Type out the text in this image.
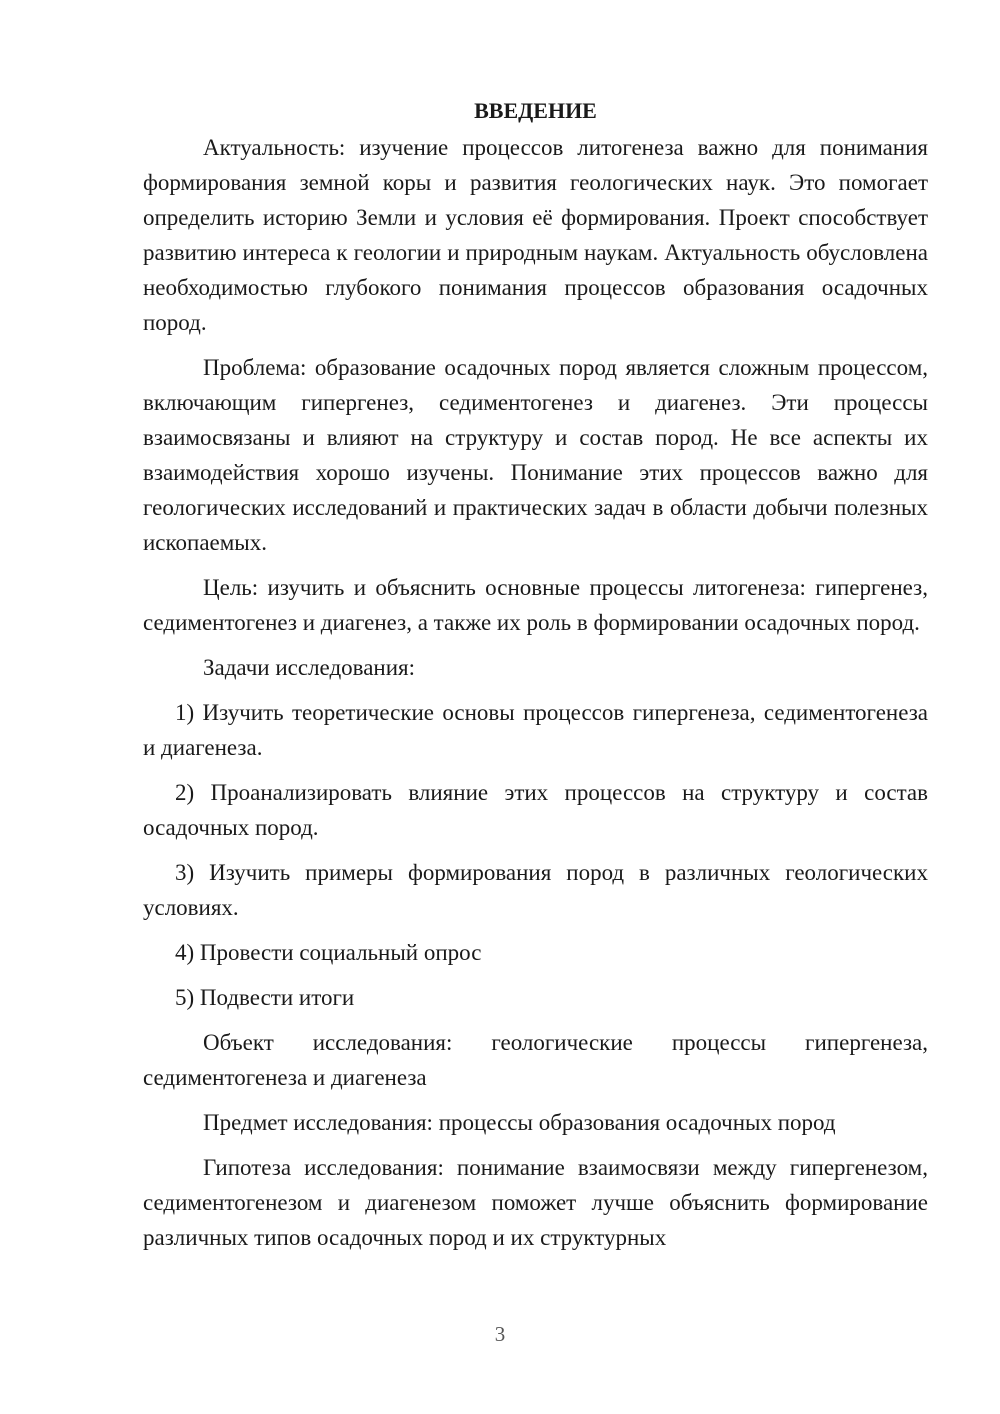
ВВЕДЕНИЕ

Актуальность: изучение процессов литогенеза важно для понимания формирования земной коры и развития геологических наук. Это помогает определить историю Земли и условия её формирования. Проект способствует развитию интереса к геологии и природным наукам. Актуальность обусловлена необходимостью глубокого понимания процессов образования осадочных пород.

Проблема: образование осадочных пород является сложным процессом, включающим гипергенез, седиментогенез и диагенез. Эти процессы взаимосвязаны и влияют на структуру и состав пород. Не все аспекты их взаимодействия хорошо изучены. Понимание этих процессов важно для геологических исследований и практических задач в области добычи полезных ископаемых.

Цель: изучить и объяснить основные процессы литогенеза: гипергенез, седиментогенез и диагенез, а также их роль в формировании осадочных пород.

Задачи исследования:

1) Изучить теоретические основы процессов гипергенеза, седиментогенеза и диагенеза.

2) Проанализировать влияние этих процессов на структуру и состав осадочных пород.

3) Изучить примеры формирования пород в различных геологических условиях.

4) Провести социальный опрос

5) Подвести итоги

Объект исследования: геологические процессы гипергенеза, седиментогенеза и диагенеза

Предмет исследования: процессы образования осадочных пород

Гипотеза исследования: понимание взаимосвязи между гипергенезом, седиментогенезом и диагенезом поможет лучше объяснить формирование различных типов осадочных пород и их структурных

3
